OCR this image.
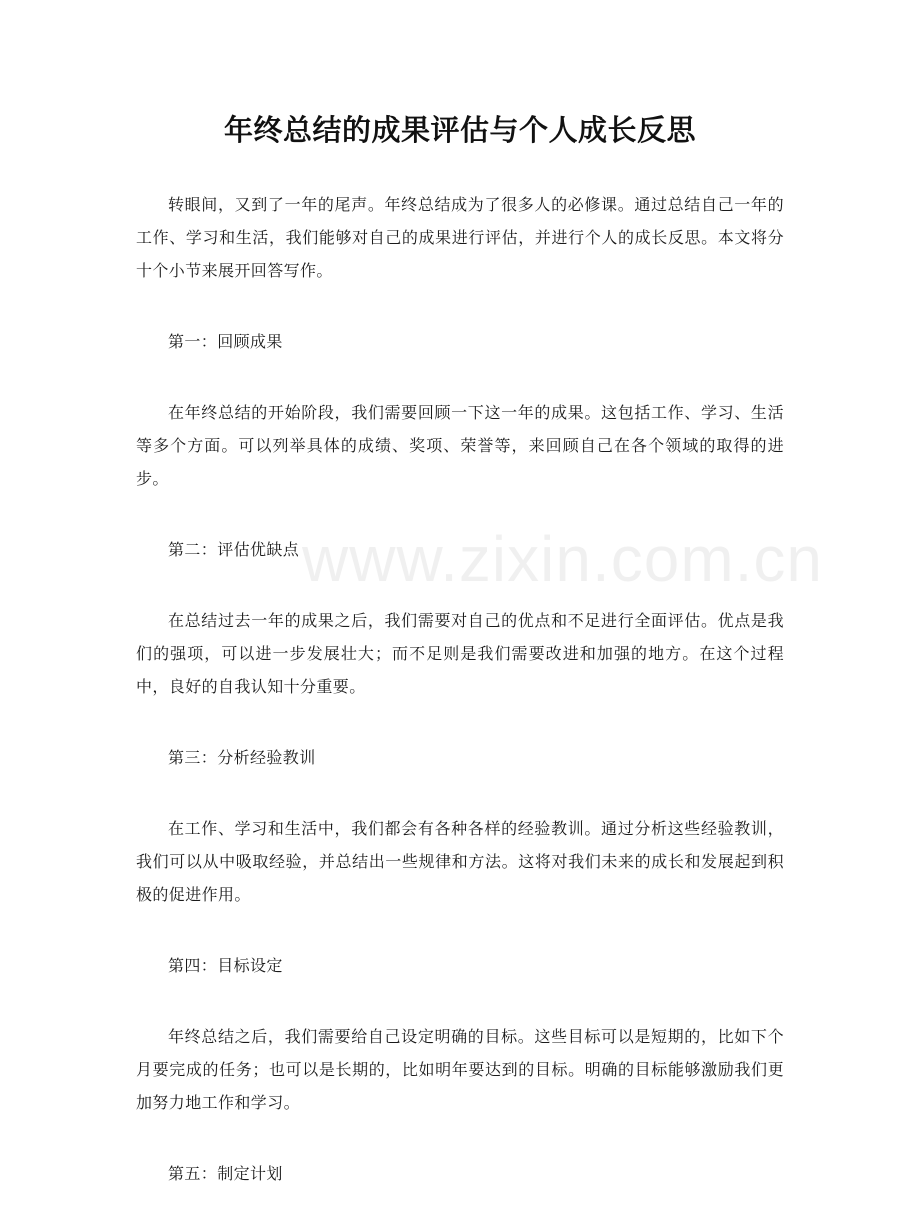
www.zixin.com.cn
年终总结的成果评估与个人成长反思

转眼间，又到了一年的尾声。年终总结成为了很多人的必修课。通过总结自己一年的工作、学习和生活，我们能够对自己的成果进行评估，并进行个人的成长反思。本文将分十个小节来展开回答写作。

第一：回顾成果

在年终总结的开始阶段，我们需要回顾一下这一年的成果。这包括工作、学习、生活等多个方面。可以列举具体的成绩、奖项、荣誉等，来回顾自己在各个领域的取得的进步。

第二：评估优缺点

在总结过去一年的成果之后，我们需要对自己的优点和不足进行全面评估。优点是我们的强项，可以进一步发展壮大；而不足则是我们需要改进和加强的地方。在这个过程中，良好的自我认知十分重要。

第三：分析经验教训

在工作、学习和生活中，我们都会有各种各样的经验教训。通过分析这些经验教训，我们可以从中吸取经验，并总结出一些规律和方法。这将对我们未来的成长和发展起到积极的促进作用。

第四：目标设定

年终总结之后，我们需要给自己设定明确的目标。这些目标可以是短期的，比如下个月要完成的任务；也可以是长期的，比如明年要达到的目标。明确的目标能够激励我们更加努力地工作和学习。

第五：制定计划
